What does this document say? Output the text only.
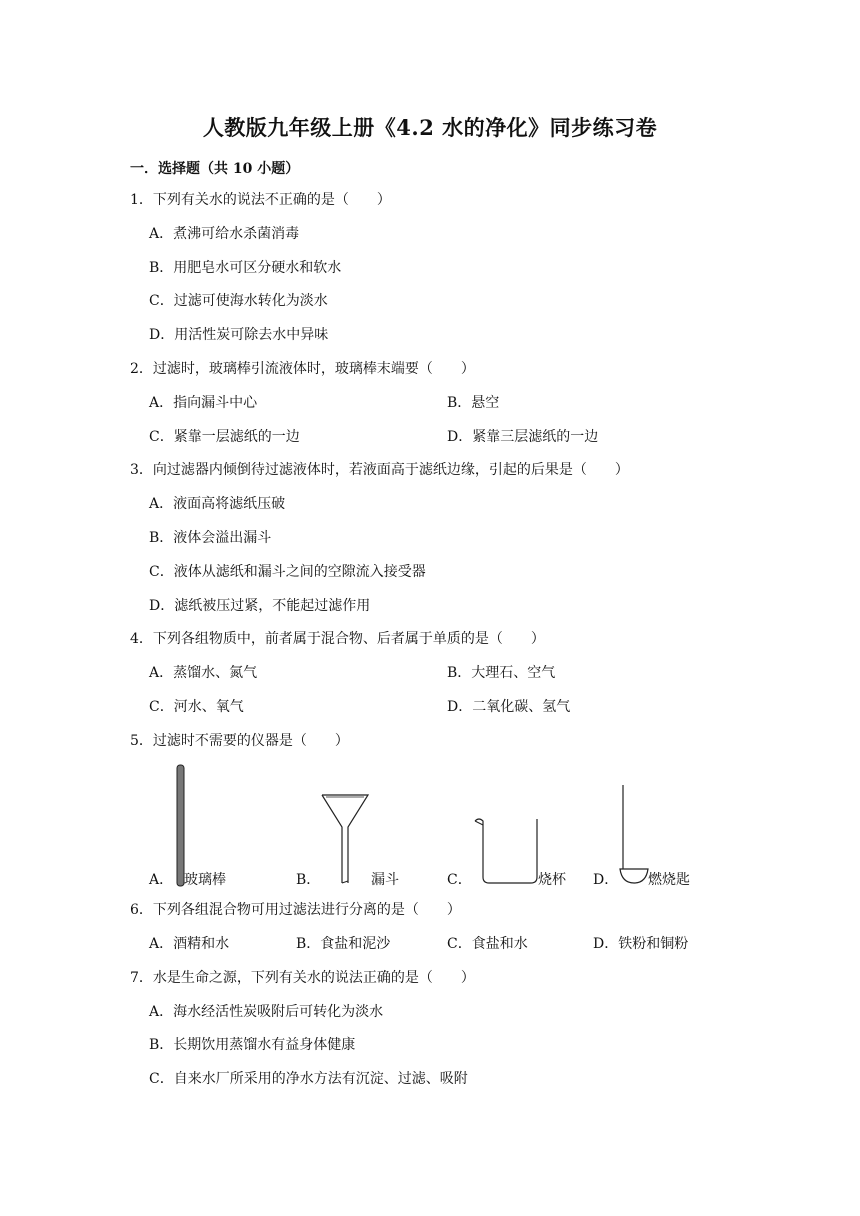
人教版九年级上册《4.2 水的净化》同步练习卷
一．选择题（共 10 小题）
1．下列有关水的说法不正确的是（　　）
A．煮沸可给水杀菌消毒
B．用肥皂水可区分硬水和软水
C．过滤可使海水转化为淡水
D．用活性炭可除去水中异味
2．过滤时，玻璃棒引流液体时，玻璃棒末端要（　　）
A．指向漏斗中心	B．悬空
C．紧靠一层滤纸的一边	D．紧靠三层滤纸的一边
3．向过滤器内倾倒待过滤液体时，若液面高于滤纸边缘，引起的后果是（　　）
A．液面高将滤纸压破
B．液体会溢出漏斗
C．液体从滤纸和漏斗之间的空隙流入接受器
D．滤纸被压过紧，不能起过滤作用
4．下列各组物质中，前者属于混合物、后者属于单质的是（　　）
A．蒸馏水、氮气	B．大理石、空气
C．河水、氧气	D．二氧化碳、氢气
5．过滤时不需要的仪器是（　　）
A． 玻璃棒	B．	漏斗	C．	烧杯 D． 燃烧匙
6．下列各组混合物可用过滤法进行分离的是（　　）
A．酒精和水	B．食盐和泥沙	C．食盐和水	D．铁粉和铜粉
7．水是生命之源，下列有关水的说法正确的是（　　）
A．海水经活性炭吸附后可转化为淡水
B．长期饮用蒸馏水有益身体健康
C．自来水厂所采用的净水方法有沉淀、过滤、吸附
